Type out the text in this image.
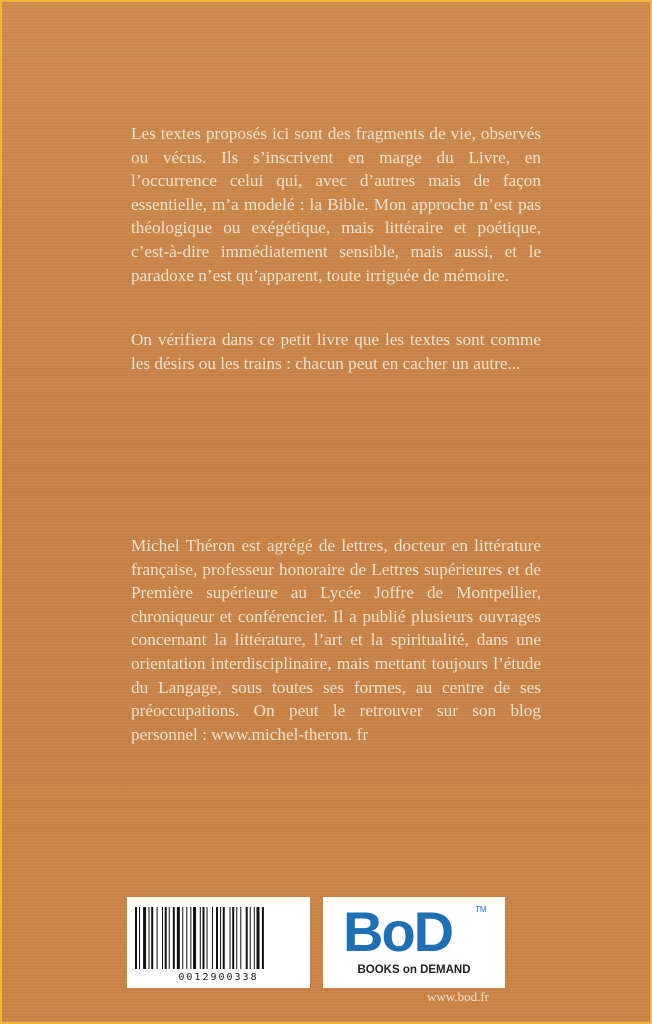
Les textes proposés ici sont des fragments de vie, observés ou vécus. Ils s’inscrivent en marge du Livre, en l’occurrence celui qui, avec d’autres mais de façon essentielle, m’a modelé : la Bible. Mon approche n’est pas théologique ou exégétique, mais littéraire et poétique, c’est-à-dire immédiatement sensible, mais aussi, et le paradoxe n’est qu’apparent, toute irriguée de mémoire.

On vérifiera dans ce petit livre que les textes sont comme les désirs ou les trains : chacun peut en cacher un autre...

Michel Théron est agrégé de lettres, docteur en littérature française, professeur honoraire de Lettres supérieures et de Première supérieure au Lycée Joffre de Montpellier, chroniqueur et conférencier. Il a publié plusieurs ouvrages concernant la littérature, l’art et la spiritualité, dans une orientation interdisciplinaire, mais mettant toujours l’étude du Langage, sous toutes ses formes, au centre de ses préoccupations. On peut le retrouver sur son blog personnel : www.michel-theron. fr

0012900338
BoD	TM
BOOKS on DEMAND
www.bod.fr
